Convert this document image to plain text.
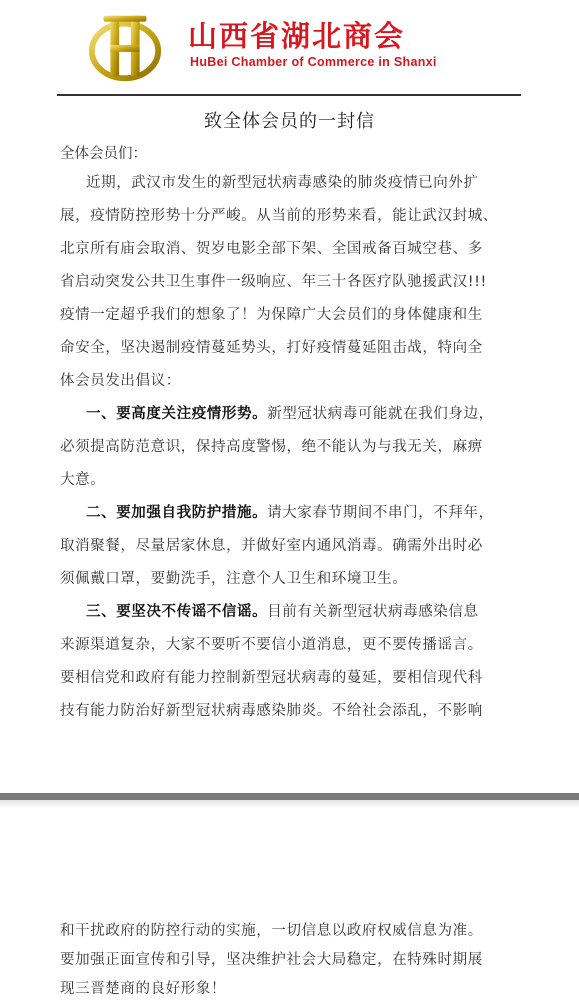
山西省湖北商会
HuBei Chamber of Commerce in Shanxi
致全体会员的一封信
全体会员们：
近期，武汉市发生的新型冠状病毒感染的肺炎疫情已向外扩
展，疫情防控形势十分严峻。从当前的形势来看，能让武汉封城、
北京所有庙会取消、贺岁电影全部下架、全国戒备百城空巷、多
省启动突发公共卫生事件一级响应、年三十各医疗队驰援武汉!!!
疫情一定超乎我们的想象了！为保障广大会员们的身体健康和生
命安全，坚决遏制疫情蔓延势头，打好疫情蔓延阻击战，特向全
体会员发出倡议：
一、要高度关注疫情形势。新型冠状病毒可能就在我们身边，
必须提高防范意识，保持高度警惕，绝不能认为与我无关，麻痹
大意。
二、要加强自我防护措施。请大家春节期间不串门，不拜年，
取消聚餐，尽量居家休息，并做好室内通风消毒。确需外出时必
须佩戴口罩，要勤洗手，注意个人卫生和环境卫生。
三、要坚决不传谣不信谣。目前有关新型冠状病毒感染信息
来源渠道复杂，大家不要听不要信小道消息，更不要传播谣言。
要相信党和政府有能力控制新型冠状病毒的蔓延，要相信现代科
技有能力防治好新型冠状病毒感染肺炎。不给社会添乱，不影响
和干扰政府的防控行动的实施，一切信息以政府权威信息为准。
要加强正面宣传和引导，坚决维护社会大局稳定，在特殊时期展
现三晋楚商的良好形象！
